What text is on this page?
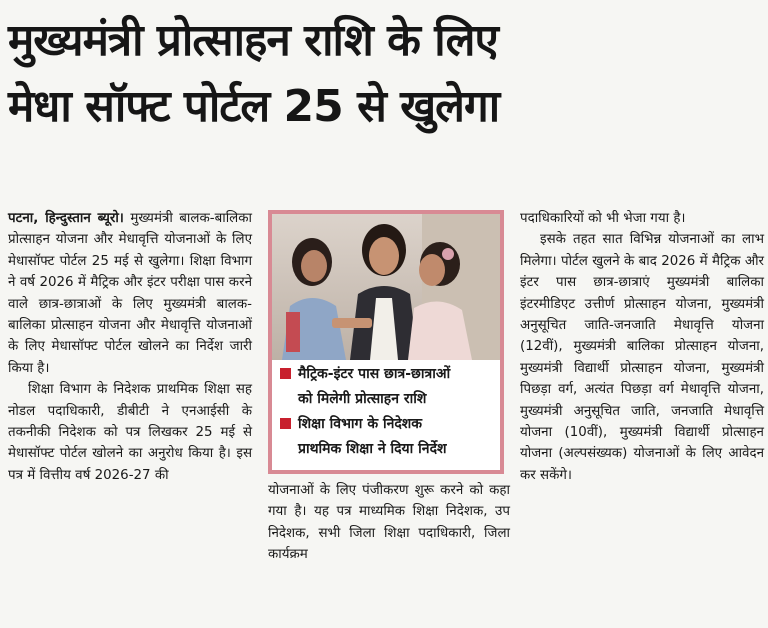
मुख्यमंत्री प्रोत्साहन राशि के लिए
मेधा सॉफ्ट पोर्टल 25 से खुलेगा

पटना, हिन्दुस्तान ब्यूरो। मुख्यमंत्री बालक-बालिका प्रोत्साहन योजना और मेधावृत्ति योजनाओं के लिए मेधासॉफ्ट पोर्टल 25 मई से खुलेगा। शिक्षा विभाग ने वर्ष 2026 में मैट्रिक और इंटर परीक्षा पास करने वाले छात्र-छात्राओं के लिए मुख्यमंत्री बालक-बालिका प्रोत्साहन योजना और मेधावृत्ति योजनाओं के लिए मेधासॉफ्ट पोर्टल खोलने का निर्देश जारी किया है।

शिक्षा विभाग के निदेशक प्राथमिक शिक्षा सह नोडल पदाधिकारी, डीबीटी ने एनआईसी के तकनीकी निदेशक को पत्र लिखकर 25 मई से मेधासॉफ्ट पोर्टल खोलने का अनुरोध किया है। इस पत्र में वित्तीय वर्ष 2026-27 की

मैट्रिक-इंटर पास छात्र-छात्राओं
को मिलेगी प्रोत्साहन राशि
शिक्षा विभाग के निदेशक
प्राथमिक शिक्षा ने दिया निर्देश

योजनाओं के लिए पंजीकरण शुरू करने को कहा गया है। यह पत्र माध्यमिक शिक्षा निदेशक, उप निदेशक, सभी जिला शिक्षा पदाधिकारी, जिला कार्यक्रम

पदाधिकारियों को भी भेजा गया है।

इसके तहत सात विभिन्न योजनाओं का लाभ मिलेगा। पोर्टल खुलने के बाद 2026 में मैट्रिक और इंटर पास छात्र-छात्राएं मुख्यमंत्री बालिका इंटरमीडिएट उत्तीर्ण प्रोत्साहन योजना, मुख्यमंत्री अनुसूचित जाति-जनजाति मेधावृत्ति योजना (12वीं), मुख्यमंत्री बालिका प्रोत्साहन योजना, मुख्यमंत्री विद्यार्थी प्रोत्साहन योजना, मुख्यमंत्री पिछड़ा वर्ग, अत्यंत पिछड़ा वर्ग मेधावृत्ति योजना, मुख्यमंत्री अनुसूचित जाति, जनजाति मेधावृत्ति योजना (10वीं), मुख्यमंत्री विद्यार्थी प्रोत्साहन योजना (अल्पसंख्यक) योजनाओं के लिए आवेदन कर सकेंगे।
